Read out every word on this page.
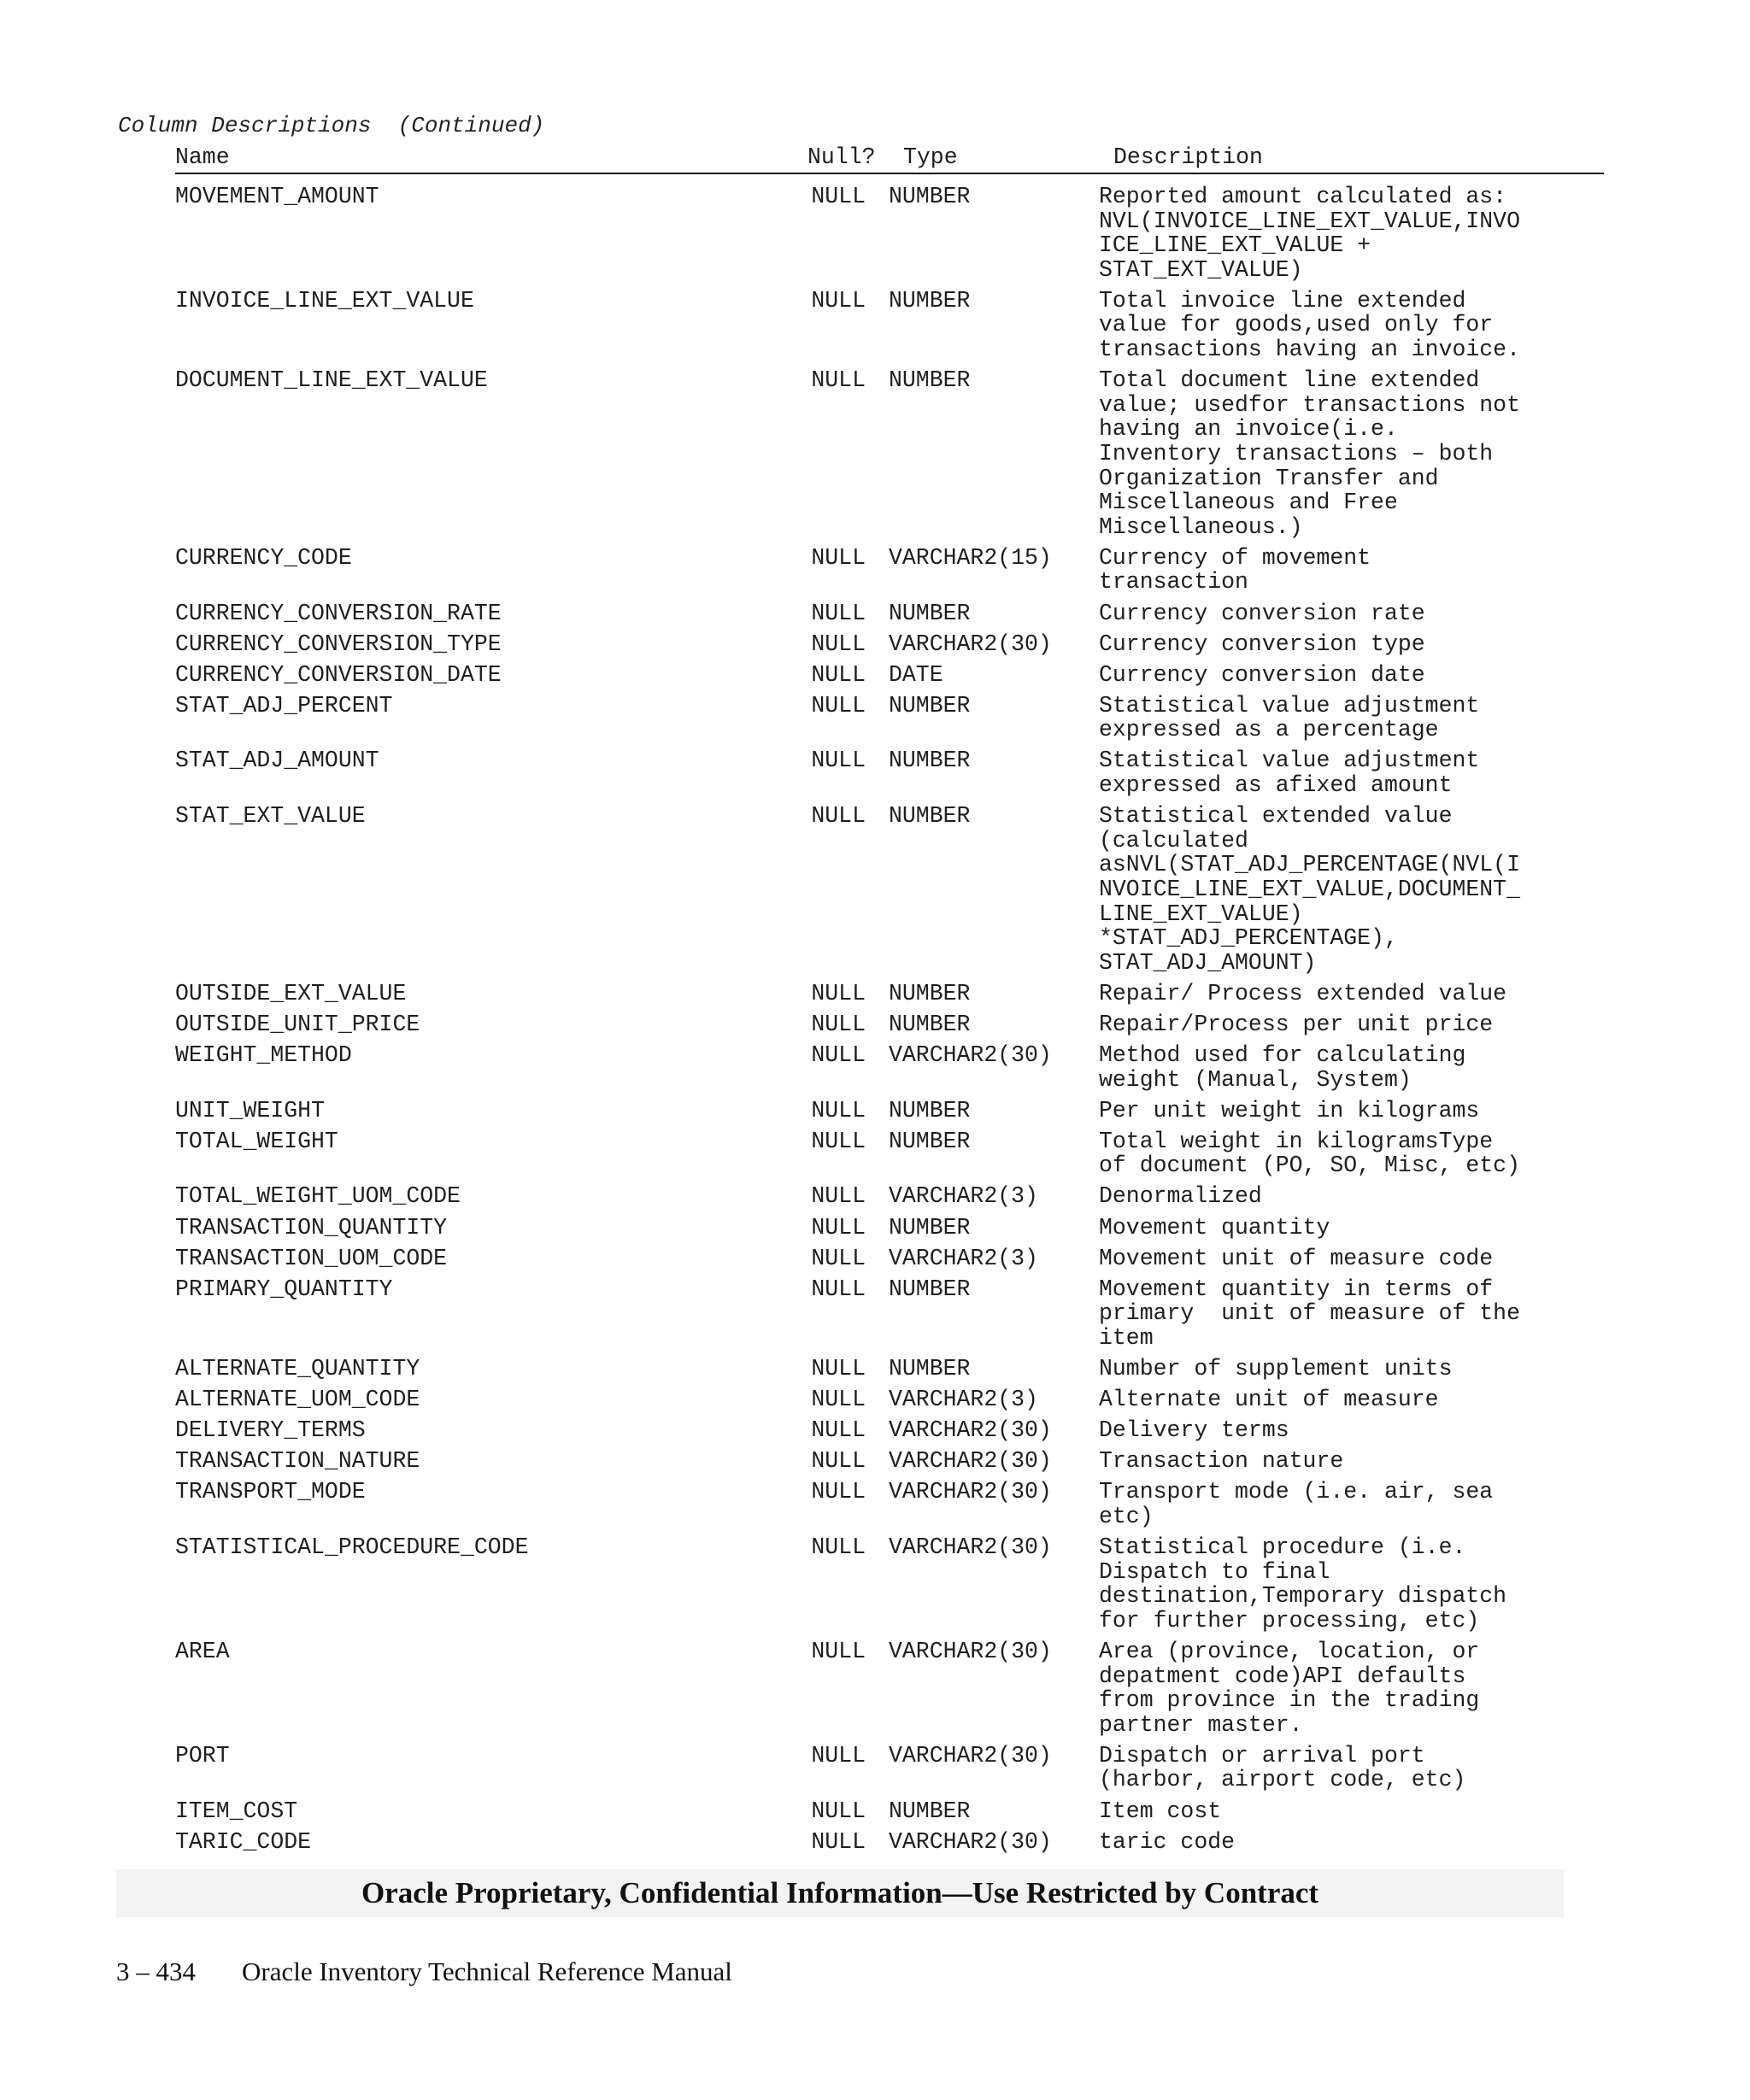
Column Descriptions  (Continued)
Name	Null? Type	Description
MOVEMENT_AMOUNT	NULL	NUMBER	Reported amount calculated as:
NVL(INVOICE_LINE_EXT_VALUE,INVO
ICE_LINE_EXT_VALUE +
STAT_EXT_VALUE)
INVOICE_LINE_EXT_VALUE	NULL	NUMBER	Total invoice line extended
value for goods,used only for
transactions having an invoice.
DOCUMENT_LINE_EXT_VALUE	NULL	NUMBER	Total document line extended
value; usedfor transactions not
having an invoice(i.e.
Inventory transactions – both
Organization Transfer and
Miscellaneous and Free
Miscellaneous.)
CURRENCY_CODE	NULL	VARCHAR2(15)	Currency of movement
transaction
CURRENCY_CONVERSION_RATE	NULL	NUMBER	Currency conversion rate
CURRENCY_CONVERSION_TYPE	NULL	VARCHAR2(30)	Currency conversion type
CURRENCY_CONVERSION_DATE	NULL	DATE	Currency conversion date
STAT_ADJ_PERCENT	NULL	NUMBER	Statistical value adjustment
expressed as a percentage
STAT_ADJ_AMOUNT	NULL	NUMBER	Statistical value adjustment
expressed as afixed amount
STAT_EXT_VALUE	NULL	NUMBER	Statistical extended value
(calculated
asNVL(STAT_ADJ_PERCENTAGE(NVL(I
NVOICE_LINE_EXT_VALUE,DOCUMENT_
LINE_EXT_VALUE)
*STAT_ADJ_PERCENTAGE),
STAT_ADJ_AMOUNT)
OUTSIDE_EXT_VALUE	NULL	NUMBER	Repair/ Process extended value
OUTSIDE_UNIT_PRICE	NULL	NUMBER	Repair/Process per unit price
WEIGHT_METHOD	NULL	VARCHAR2(30)	Method used for calculating
weight (Manual, System)
UNIT_WEIGHT	NULL	NUMBER	Per unit weight in kilograms
TOTAL_WEIGHT	NULL	NUMBER	Total weight in kilogramsType
of document (PO, SO, Misc, etc)
TOTAL_WEIGHT_UOM_CODE	NULL	VARCHAR2(3)	Denormalized
TRANSACTION_QUANTITY	NULL	NUMBER	Movement quantity
TRANSACTION_UOM_CODE	NULL	VARCHAR2(3)	Movement unit of measure code
PRIMARY_QUANTITY	NULL	NUMBER	Movement quantity in terms of
primary  unit of measure of the
item
ALTERNATE_QUANTITY	NULL	NUMBER	Number of supplement units
ALTERNATE_UOM_CODE	NULL	VARCHAR2(3)	Alternate unit of measure
DELIVERY_TERMS	NULL	VARCHAR2(30)	Delivery terms
TRANSACTION_NATURE	NULL	VARCHAR2(30)	Transaction nature
TRANSPORT_MODE	NULL	VARCHAR2(30)	Transport mode (i.e. air, sea
etc)
STATISTICAL_PROCEDURE_CODE	NULL	VARCHAR2(30)	Statistical procedure (i.e.
Dispatch to final
destination,Temporary dispatch
for further processing, etc)
AREA	NULL	VARCHAR2(30)	Area (province, location, or
depatment code)API defaults
from province in the trading
partner master.
PORT	NULL	VARCHAR2(30)	Dispatch or arrival port
(harbor, airport code, etc)
ITEM_COST	NULL	NUMBER	Item cost
TARIC_CODE	NULL	VARCHAR2(30)	taric code
Oracle Proprietary, Confidential Information––Use Restricted by Contract
3 – 434 Oracle Inventory Technical Reference Manual
